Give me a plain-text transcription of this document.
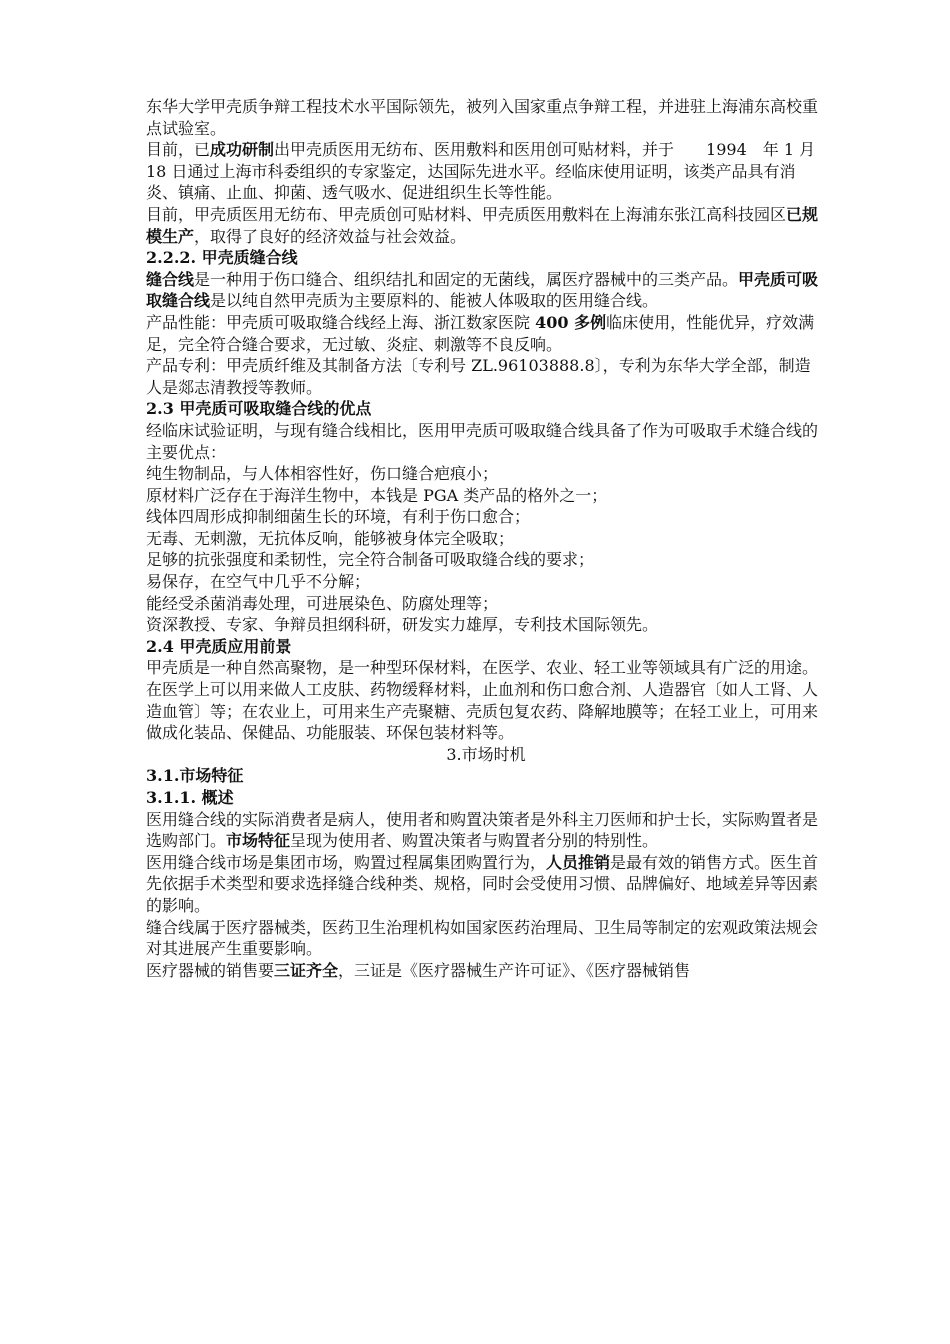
东华大学甲壳质争辩工程技术水平国际领先，被列入国家重点争辩工程，并进驻上海浦东高校重点试验室。

目前，已成功研制出甲壳质医用无纺布、医用敷料和医用创可贴材料，并于　　1994　年 1 月 18 日通过上海市科委组织的专家鉴定，达国际先进水平。经临床使用证明，该类产品具有消炎、镇痛、止血、抑菌、透气吸水、促进组织生长等性能。

目前，甲壳质医用无纺布、甲壳质创可贴材料、甲壳质医用敷料在上海浦东张江高科技园区已规模生产，取得了良好的经济效益与社会效益。

2.2.2. 甲壳质缝合线

缝合线是一种用于伤口缝合、组织结扎和固定的无菌线，属医疗器械中的三类产品。甲壳质可吸取缝合线是以纯自然甲壳质为主要原料的、能被人体吸取的医用缝合线。

产品性能：甲壳质可吸取缝合线经上海、浙江数家医院 400 多例临床使用，性能优异，疗效满足，完全符合缝合要求，无过敏、炎症、刺激等不良反响。

产品专利：甲壳质纤维及其制备方法〔专利号 ZL.96103888.8〕，专利为东华大学全部，制造人是郯志清教授等教师。

2.3 甲壳质可吸取缝合线的优点

经临床试验证明，与现有缝合线相比，医用甲壳质可吸取缝合线具备了作为可吸取手术缝合线的主要优点：

纯生物制品，与人体相容性好，伤口缝合疤痕小；

原材料广泛存在于海洋生物中，本钱是 PGA 类产品的格外之一；

线体四周形成抑制细菌生长的环境，有利于伤口愈合；

无毒、无刺激，无抗体反响，能够被身体完全吸取；

足够的抗张强度和柔韧性，完全符合制备可吸取缝合线的要求；

易保存，在空气中几乎不分解；

能经受杀菌消毒处理，可进展染色、防腐处理等；

资深教授、专家、争辩员担纲科研，研发实力雄厚，专利技术国际领先。

2.4 甲壳质应用前景

甲壳质是一种自然高聚物，是一种型环保材料，在医学、农业、轻工业等领域具有广泛的用途。在医学上可以用来做人工皮肤、药物缓释材料，止血剂和伤口愈合剂、人造器官〔如人工肾、人造血管〕等；在农业上，可用来生产壳聚糖、壳质包复农药、降解地膜等；在轻工业上，可用来做成化装品、保健品、功能服装、环保包装材料等。

3.市场时机

3.1.市场特征

3.1.1. 概述

医用缝合线的实际消费者是病人，使用者和购置决策者是外科主刀医师和护士长，实际购置者是选购部门。市场特征呈现为使用者、购置决策者与购置者分别的特别性。

医用缝合线市场是集团市场，购置过程属集团购置行为，人员推销是最有效的销售方式。医生首先依据手术类型和要求选择缝合线种类、规格，同时会受使用习惯、品牌偏好、地域差异等因素的影响。

缝合线属于医疗器械类，医药卫生治理机构如国家医药治理局、卫生局等制定的宏观政策法规会对其进展产生重要影响。

医疗器械的销售要三证齐全，三证是《医疗器械生产许可证》、《医疗器械销售
